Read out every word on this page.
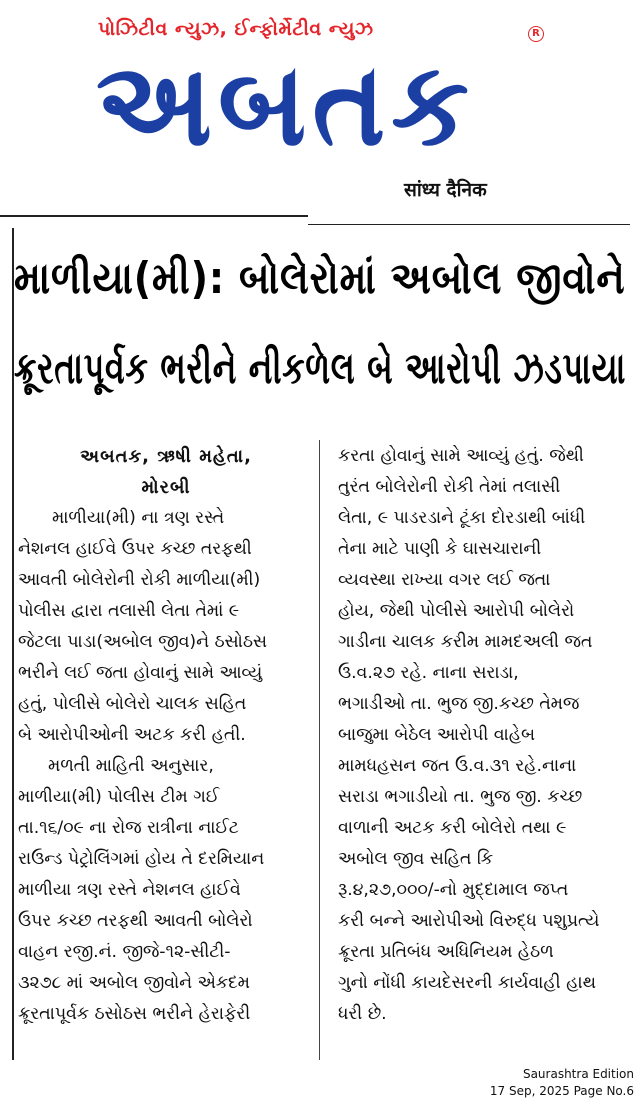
પોઝિટીવ ન્યુઝ, ઈન્ફોર્મેટીવ ન્યુઝ	R
અબતક
सांध्य दैनिक
માળીયા(મી): બોલેરોમાં અબોલ જીવોને
ક્રૂરતાપૂર્વક ભરીને નીકળેલ બે આરોપી ઝડપાયા

અબતક, ઋષી મહેતા,

મોરબી

માળીયા(મી) ના ત્રણ રસ્તે

નેશનલ હાઈવે ઉપર કચ્છ તરફથી

આવતી બોલેરોની રોકી માળીયા(મી)

પોલીસ દ્વારા તલાસી લેતા તેમાં ૯

જેટલા પાડા(અબોલ જીવ)ને ઠસોઠસ

ભરીને લઈ જતા હોવાનું સામે આવ્યું

હતું, પોલીસે બોલેરો ચાલક સહિત

બે આરોપીઓની અટક કરી હતી.

મળતી માહિતી અનુસાર,

માળીયા(મી) પોલીસ ટીમ ગઈ

તા.૧૬/૦૯ ના રોજ રાત્રીના નાઈટ

રાઉન્ડ પેટ્રોલિંગમાં હોય તે દરમિયાન

માળીયા ત્રણ રસ્તે નેશનલ હાઈવે

ઉપર કચ્છ તરફથી આવતી બોલેરો

વાહન રજી.નં. જીજે-૧૨-સીટી-

૩૨૭૮ માં અબોલ જીવોને એકદમ

ક્રૂરતાપૂર્વક ઠસોઠસ ભરીને હેરાફેરી

કરતા હોવાનું સામે આવ્યું હતું. જેથી

તુરંત બોલેરોની રોકી તેમાં તલાસી

લેતા, ૯ પાડરડાને ટૂંકા દોરડાથી બાંધી

તેના માટે પાણી કે ઘાસચારાની

વ્યવસ્થા રાખ્યા વગર લઈ જતા

હોય, જેથી પોલીસે આરોપી બોલેરો

ગાડીના ચાલક કરીમ મામદઅલી જત

ઉ.વ.૨૭ રહે. નાના સરાડા,

ભગાડીઓ તા. ભુજ જી.કચ્છ તેમજ

બાજુમા બેઠેલ આરોપી વાહેબ

મામધહસન જત ઉ.વ.૩૧ રહે.નાના

સરાડા ભગાડીયો તા. ભુજ જી. કચ્છ

વાળાની અટક કરી બોલેરો તથા ૯

અબોલ જીવ સહિત કિ

રૂ.૪,૨૭,૦૦૦/-નો મુદ્દામાલ જપ્ત

કરી બન્ને આરોપીઓ વિરુદ્ધ પશુપ્રત્યે

ક્રૂરતા પ્રતિબંધ અધિનિયમ હેઠળ

ગુનો નોંધી કાયદેસરની કાર્યવાહી હાથ

ધરી છે.

Saurashtra Edition
17 Sep, 2025 Page No.6
